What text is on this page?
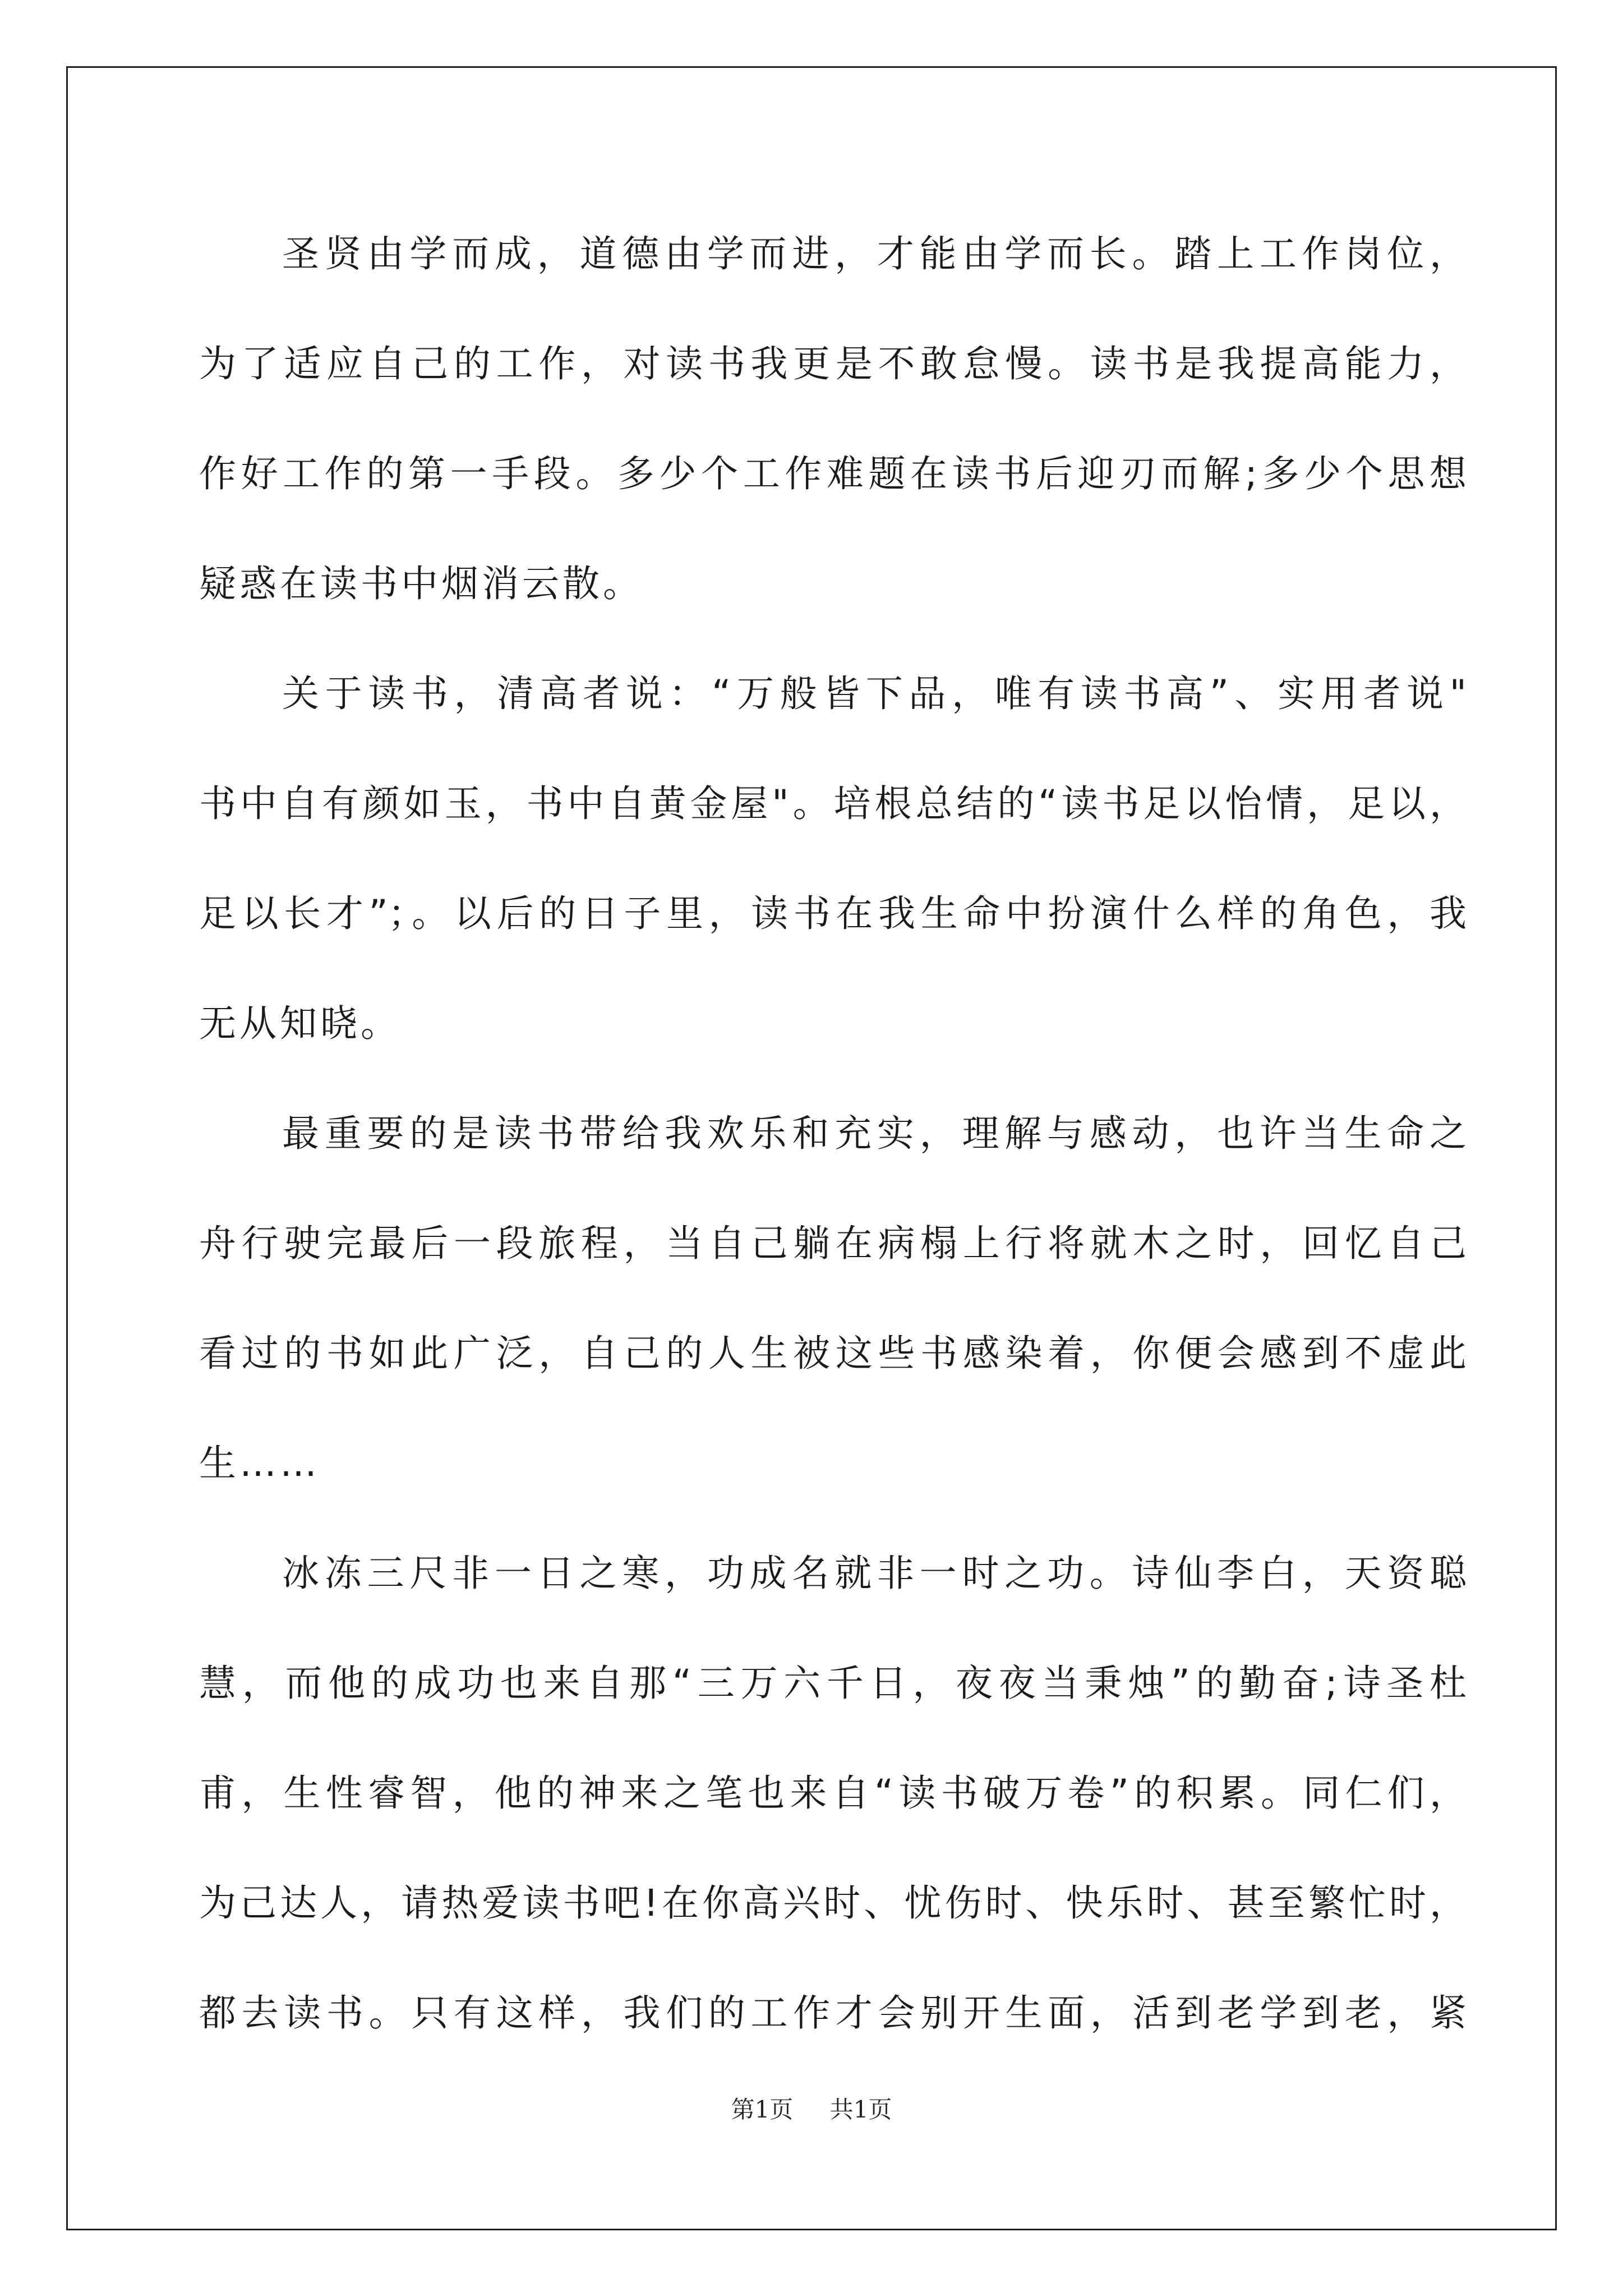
圣贤由学而成，道德由学而进，才能由学而长。踏上工作岗位，
为了适应自己的工作，对读书我更是不敢怠慢。读书是我提高能力，
作好工作的第一手段。多少个工作难题在读书后迎刃而解;多少个思想
疑惑在读书中烟消云散。
关于读书，清高者说：“万般皆下品，唯有读书高”、实用者说"
书中自有颜如玉，书中自黄金屋"。培根总结的“读书足以怡情，足以，
足以长才”；。以后的日子里，读书在我生命中扮演什么样的角色，我
无从知晓。
最重要的是读书带给我欢乐和充实，理解与感动，也许当生命之
舟行驶完最后一段旅程，当自己躺在病榻上行将就木之时，回忆自己
看过的书如此广泛，自己的人生被这些书感染着，你便会感到不虚此
生……
冰冻三尺非一日之寒，功成名就非一时之功。诗仙李白，天资聪
慧，而他的成功也来自那“三万六千日，夜夜当秉烛”的勤奋;诗圣杜
甫，生性睿智，他的神来之笔也来自“读书破万卷”的积累。同仁们，
为己达人，请热爱读书吧!在你高兴时、忧伤时、快乐时、甚至繁忙时，
都去读书。只有这样，我们的工作才会别开生面，活到老学到老，紧
第1页 共1页
